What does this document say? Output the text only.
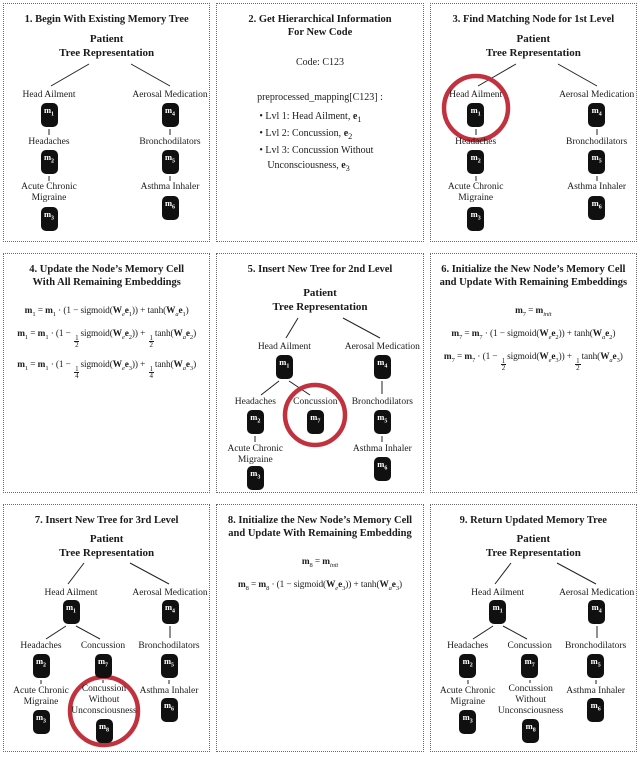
1. Begin With Existing Memory Tree
Patient
Tree Representation
Head Ailment
$m_1$
Headaches
$m_2$
Acute Chronic
Migraine
$m_3$
Aerosal Medication
$m_4$
Bronchodilators
$m_5$
Asthma Inhaler
$m_6$
2. Get Hierarchical Information
For New Code
Code: C123
preprocessed_mapping[C123] :
• Lvl 1: Head Ailment, $e_1$
• Lvl 2: Concussion, $e_2$
• Lvl 3: Concussion Without Unconsciousness, $e_3$
3. Find Matching Node for 1st Level
Patient
Tree Representation
Head Ailment
$m_1$
Headaches
$m_2$
Acute Chronic
Migraine
$m_3$
Aerosal Medication
$m_4$
Bronchodilators
$m_5$
Asthma Inhaler
$m_6$
4. Update the Node’s Memory Cell
With All Remaining Embeddings
$m_1 = m_1 \cdot (1$ − $sigmoid(W_ee_1)) + \tanh(W_ae_1)$
$m_1 = m_1 \cdot (1$ −
$\frac{1}{2}$
$sigmoid(W_ee_2)$) +
$\frac{1}{2}$
$\tanh(W_ae_2)$
$m_1 = m_1 \cdot (1$ −
$\frac{1}{4}$
$sigmoid(W_ee_3)$) +
$\frac{1}{4}$
$\tanh(W_ae_3)$
5. Insert New Tree for 2nd Level
Patient
Tree Representation
Head Ailment
$m_1$
Headaches
$m_2$
Acute Chronic
Migraine
$m_3$
Concussion
$m_7$
Aerosal Medication
$m_4$
Bronchodilators
$m_5$
Asthma Inhaler
$m_6$
6. Initialize the New Node’s Memory Cell
and Update With Remaining Embeddings
$m_7 = m_{init}$
$m_7 = m_7 \cdot (1$ − $sigmoid(W_ee_2)) + \tanh(W_ae_2)$
$m_7 = m_7 \cdot (1$ −
$\frac{1}{2}$
$sigmoid(W_ee_3)$) +
$\frac{1}{2}$
$\tanh(W_ae_3)$
7. Insert New Tree for 3rd Level
Patient
Tree Representation
Head Ailment
$m_1$
Headaches
$m_2$
Acute Chronic
Migraine
$m_3$
Concussion
$m_7$
Concussion
Without
Unconsciousness
$m_8$
Aerosal Medication
$m_4$
Bronchodilators
$m_5$
Asthma Inhaler
$m_6$
8. Initialize the New Node’s Memory Cell
and Update With Remaining Embedding
$m_8 = m_{init}$
$m_8 = m_8 \cdot (1$ − $sigmoid(W_ee_3)) + \tanh(W_ae_3)$
9. Return Updated Memory Tree
Patient
Tree Representation
Head Ailment
$m_1$
Headaches
$m_2$
Acute Chronic
Migraine
$m_3$
Concussion
$m_7$
Concussion
Without
Unconsciousness
$m_8$
Aerosal Medication
$m_4$
Bronchodilators
$m_5$
Asthma Inhaler
$m_6$
